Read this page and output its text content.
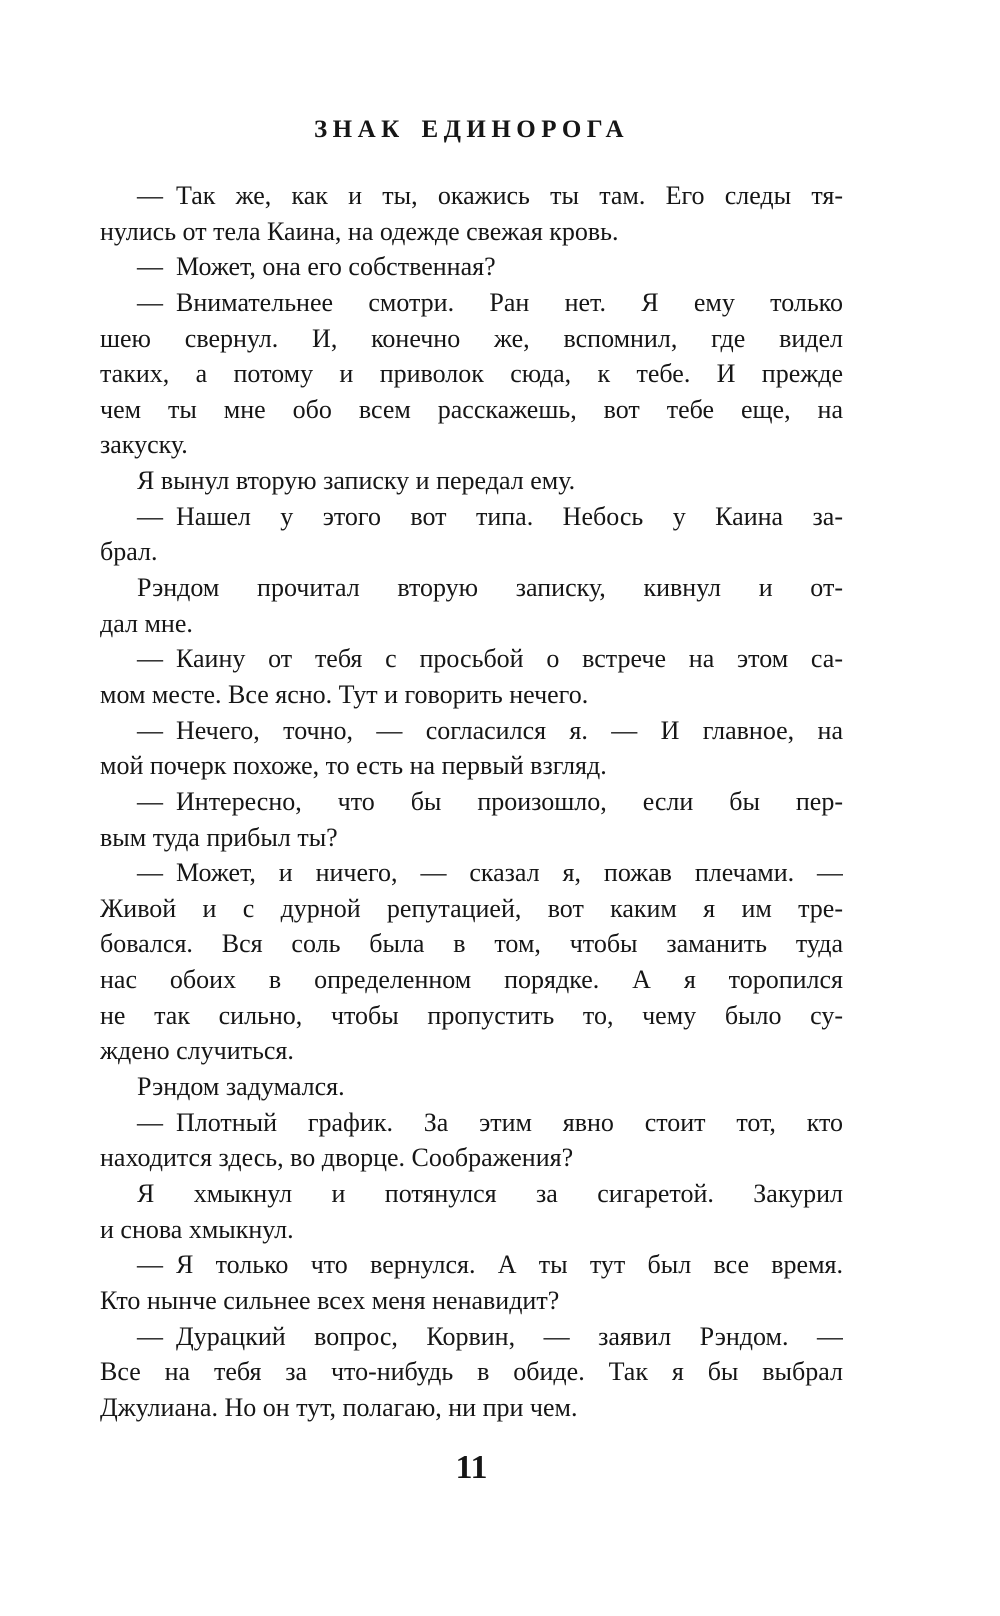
ЗНАК ЕДИНОРОГА
— Так же, как и ты, окажись ты там. Его следы тя-
нулись от тела Каина, на одежде свежая кровь.
— Может, она его собственная?
— Внимательнее смотри. Ран нет. Я ему только
шею свернул. И, конечно же, вспомнил, где видел
таких, а потому и приволок сюда, к тебе. И прежде
чем ты мне обо всем расскажешь, вот тебе еще, на
закуску.
Я вынул вторую записку и передал ему.
— Нашел у этого вот типа. Небось у Каина за-
брал.
Рэндом прочитал вторую записку, кивнул и от-
дал мне.
— Каину от тебя с просьбой о встрече на этом са-
мом месте. Все ясно. Тут и говорить нечего.
— Нечего, точно, — согласился я. — И главное, на
мой почерк похоже, то есть на первый взгляд.
— Интересно, что бы произошло, если бы пер-
вым туда прибыл ты?
— Может, и ничего, — сказал я, пожав плечами. —
Живой и с дурной репутацией, вот каким я им тре-
бовался. Вся соль была в том, чтобы заманить туда
нас обоих в определенном порядке. А я торопился
не так сильно, чтобы пропустить то, чему было су-
ждено случиться.
Рэндом задумался.
— Плотный график. За этим явно стоит тот, кто
находится здесь, во дворце. Соображения?
Я хмыкнул и потянулся за сигаретой. Закурил
и снова хмыкнул.
— Я только что вернулся. А ты тут был все время.
Кто нынче сильнее всех меня ненавидит?
— Дурацкий вопрос, Корвин, — заявил Рэндом. —
Все на тебя за что-нибудь в обиде. Так я бы выбрал
Джулиана. Но он тут, полагаю, ни при чем.
11
